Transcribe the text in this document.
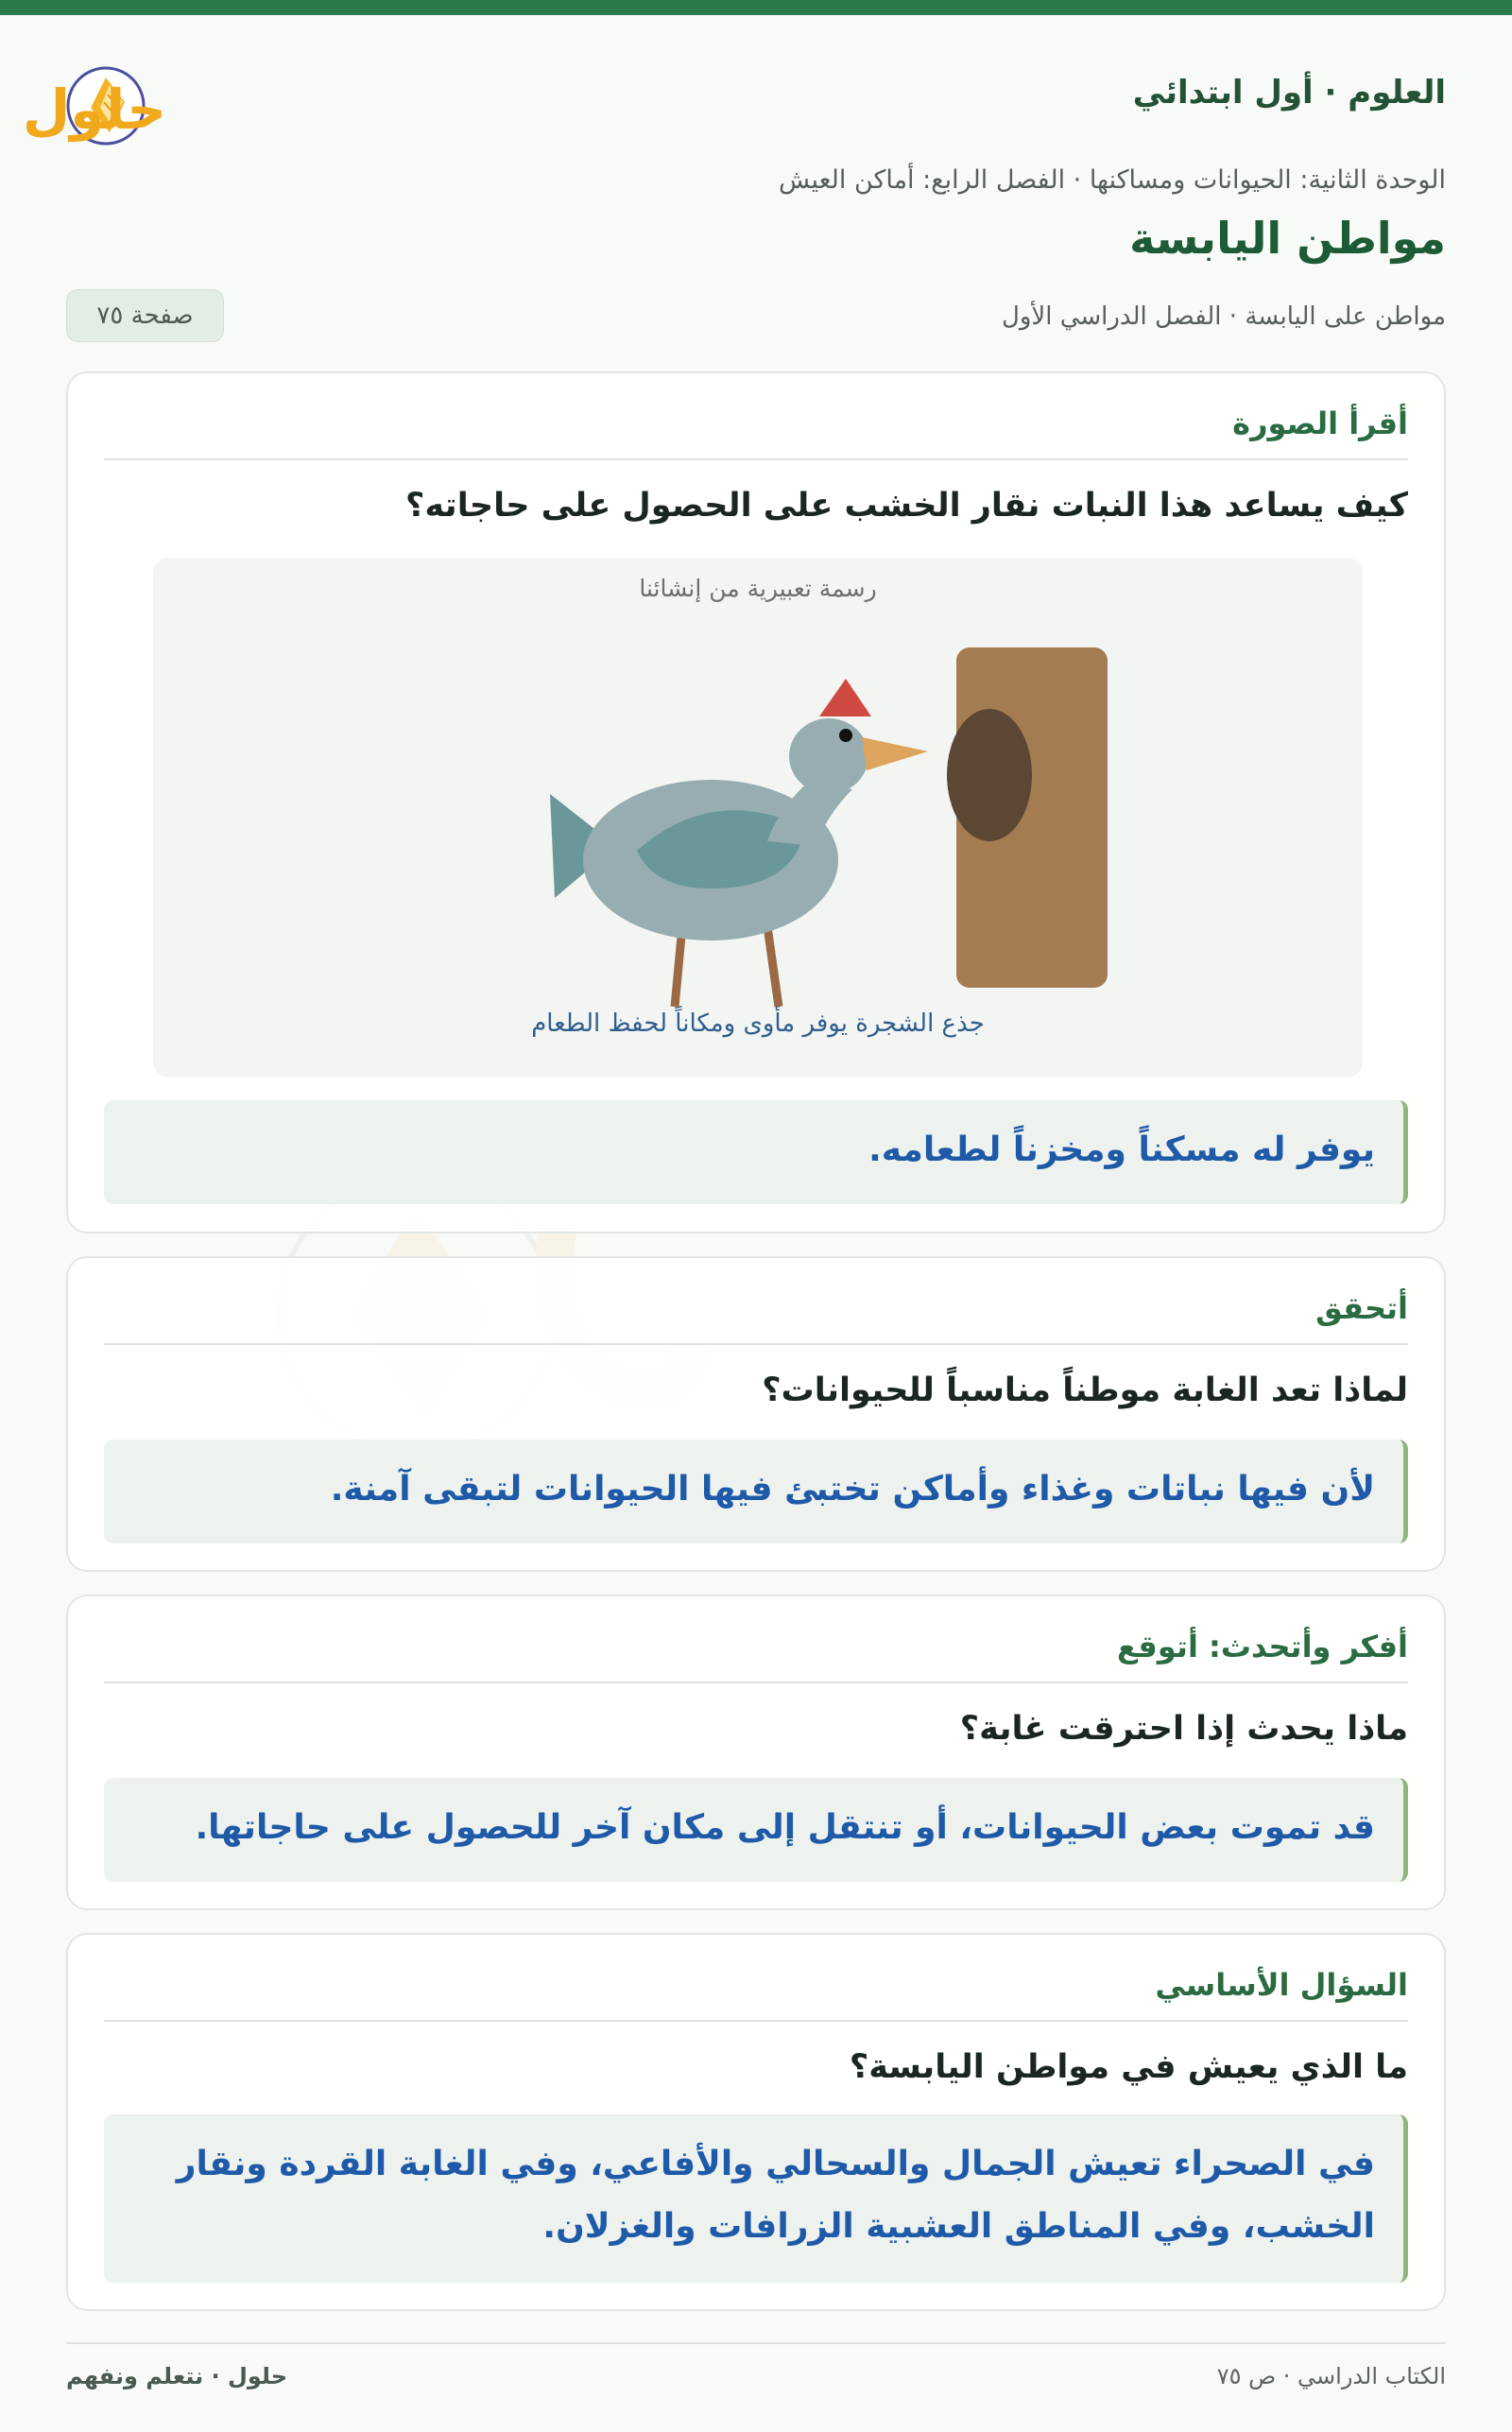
العلوم · أول ابتدائي
حلول
الوحدة الثانية: الحيوانات ومساكنها · الفصل الرابع: أماكن العيش
مواطن اليابسة
مواطن على اليابسة · الفصل الدراسي الأول
صفحة ٧٥
أقرأ الصورة
كيف يساعد هذا النبات نقار الخشب على الحصول على حاجاته؟
رسمة تعبيرية من إنشائنا
جذع الشجرة يوفر مأوى ومكاناً لحفظ الطعام
يوفر له مسكناً ومخزناً لطعامه.
أتحقق
لماذا تعد الغابة موطناً مناسباً للحيوانات؟
لأن فيها نباتات وغذاء وأماكن تختبئ فيها الحيوانات لتبقى آمنة.
أفكر وأتحدث: أتوقع
ماذا يحدث إذا احترقت غابة؟
قد تموت بعض الحيوانات، أو تنتقل إلى مكان آخر للحصول على حاجاتها.
السؤال الأساسي
ما الذي يعيش في مواطن اليابسة؟
في الصحراء تعيش الجمال والسحالي والأفاعي، وفي الغابة القردة ونقار الخشب، وفي المناطق العشبية الزرافات والغزلان.
الكتاب الدراسي · ص ٧٥
حلول · نتعلم ونفهم
